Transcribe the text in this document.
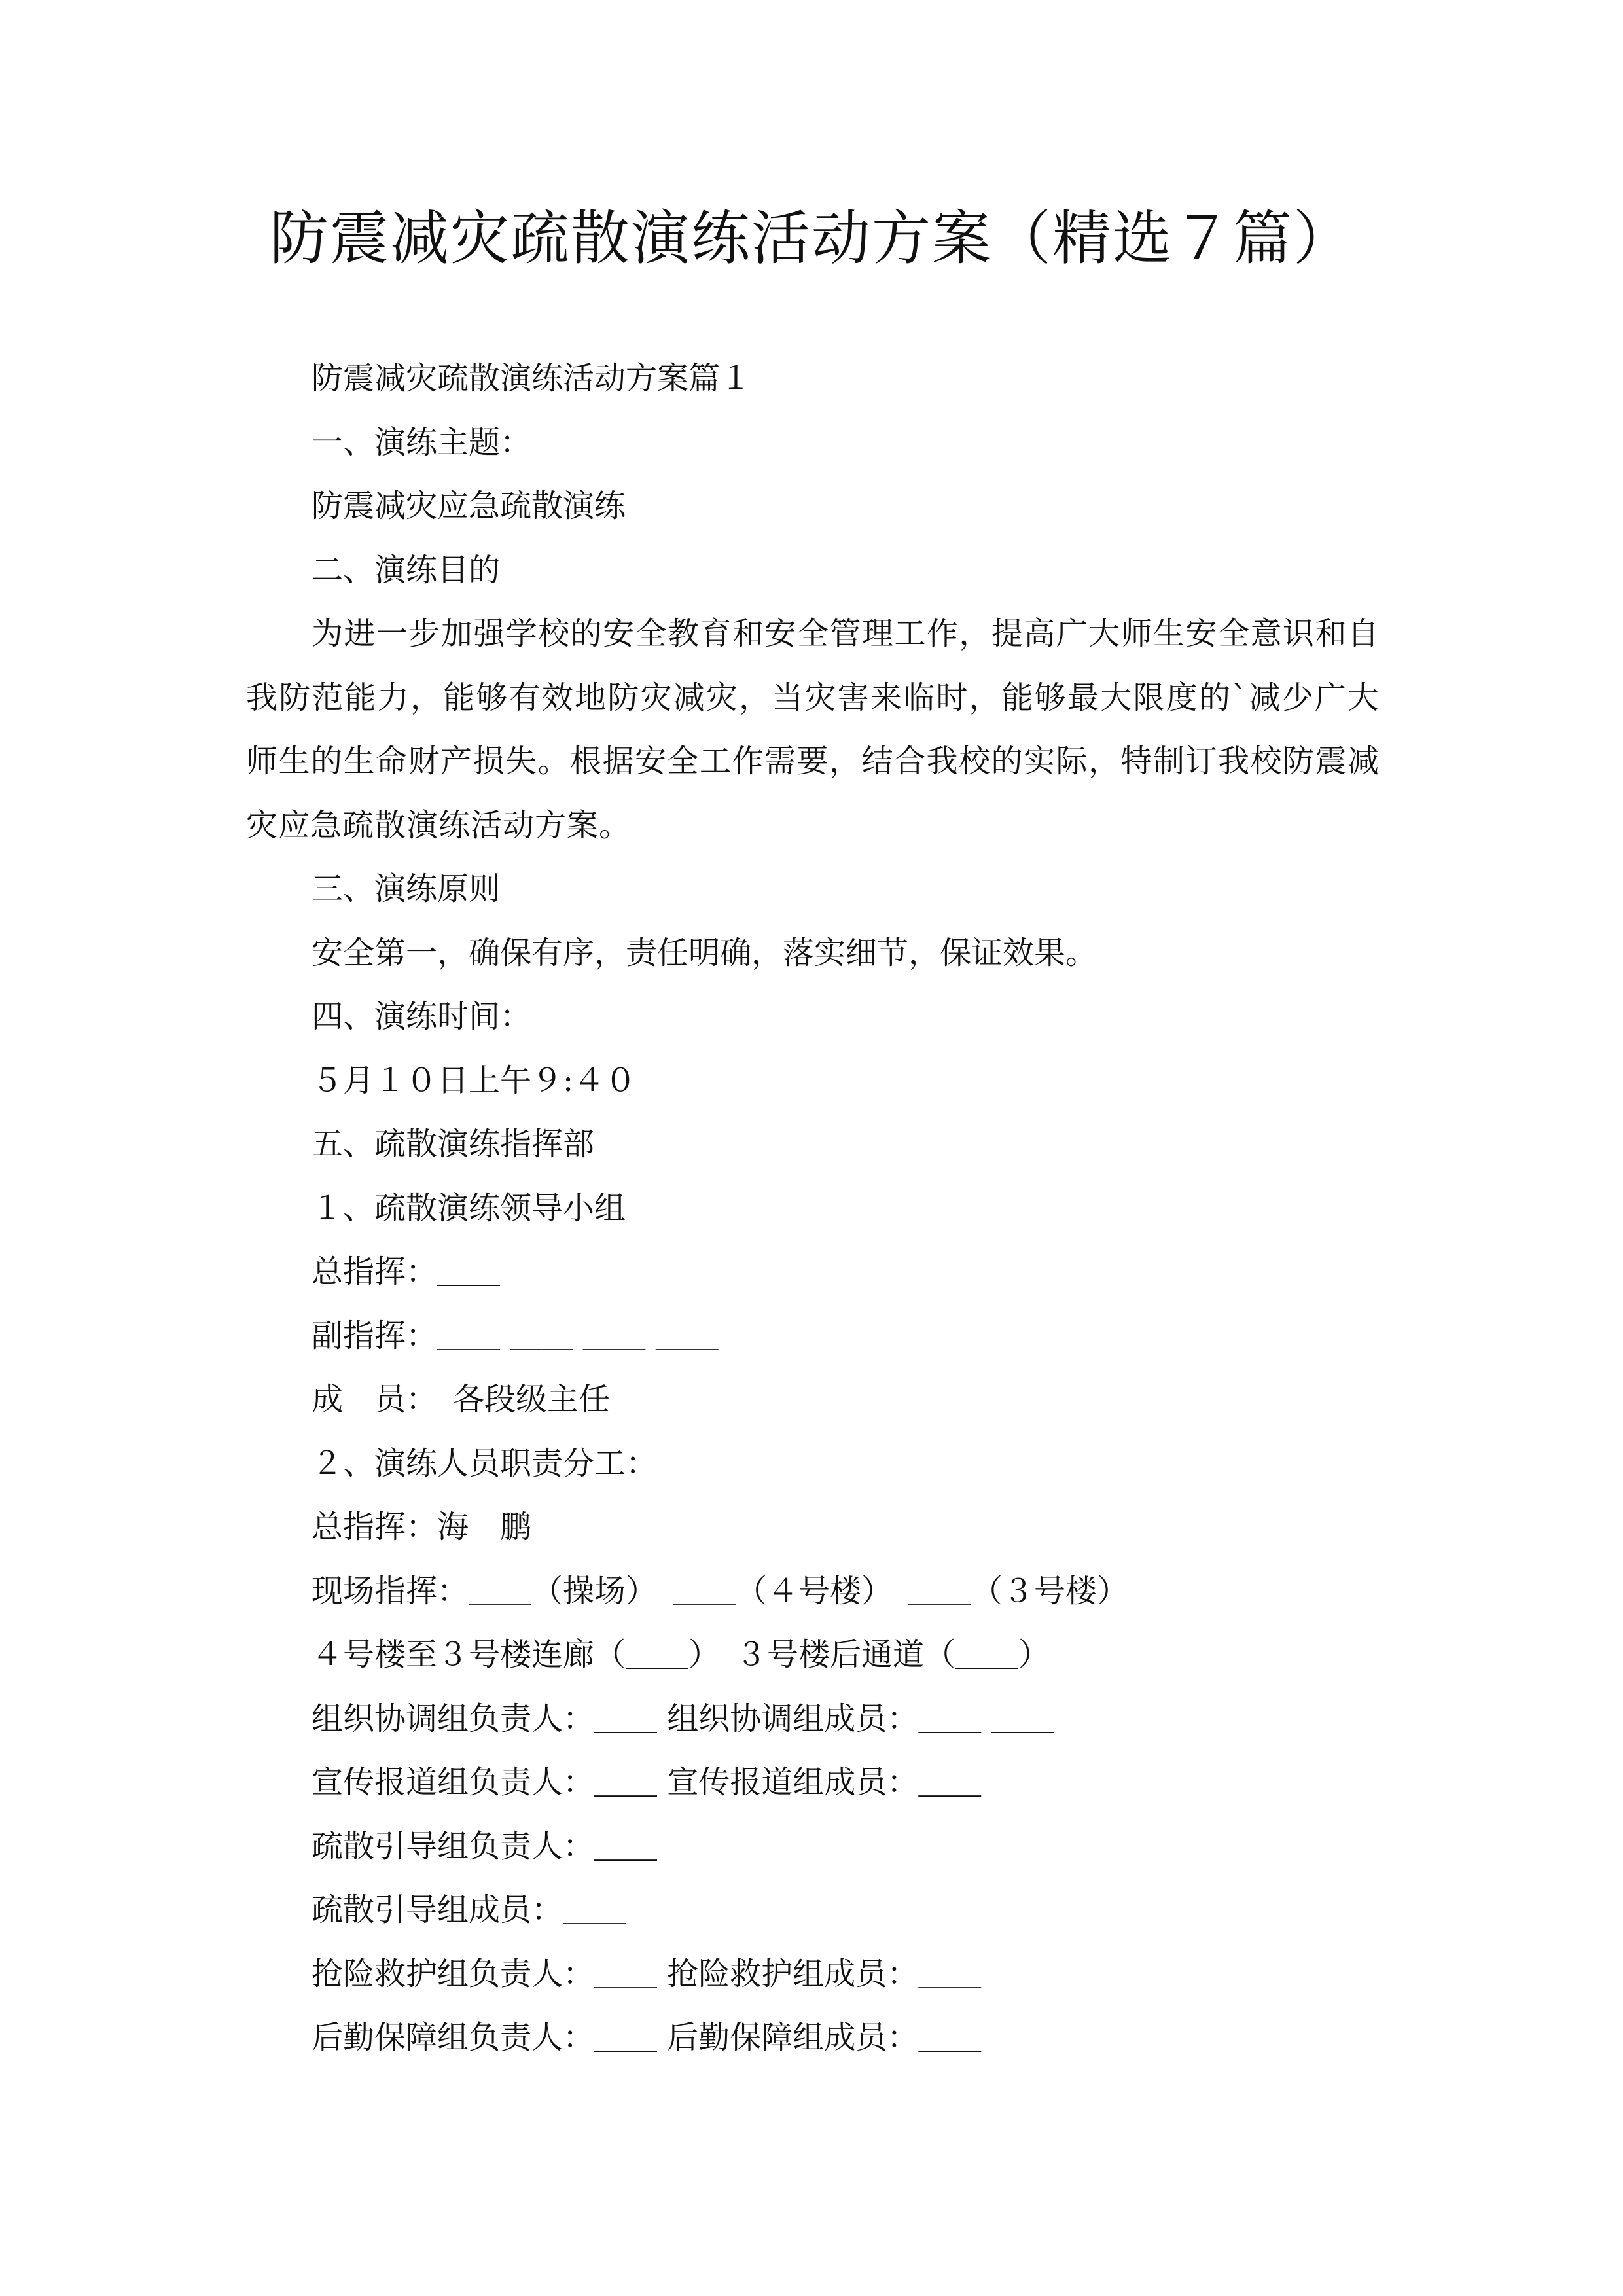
防震减灾疏散演练活动方案（精选７篇）
防震减灾疏散演练活动方案篇１
一、演练主题：
防震减灾应急疏散演练
二、演练目的
为进一步加强学校的安全教育和安全管理工作，提高广大师生安全意识和自我防范能力，能够有效地防灾减灾，当灾害来临时，能够最大限度的`减少广大师生的生命财产损失。根据安全工作需要，结合我校的实际，特制订我校防震减灾应急疏散演练活动方案。
三、演练原则
安全第一，确保有序，责任明确，落实细节，保证效果。
四、演练时间：
５月１０日上午９:４０
五、疏散演练指挥部
１、疏散演练领导小组
总指挥：＿＿
副指挥：＿＿ ＿＿ ＿＿ ＿＿
成　员：　各段级主任
２、演练人员职责分工：
总指挥：海　鹏
现场指挥：＿＿（操场）　＿＿（４号楼）　＿＿（３号楼）
４号楼至３号楼连廊（＿＿）　３号楼后通道（＿＿）
组织协调组负责人：＿＿ 组织协调组成员：＿＿ ＿＿
宣传报道组负责人：＿＿ 宣传报道组成员：＿＿
疏散引导组负责人：＿＿
疏散引导组成员：＿＿
抢险救护组负责人：＿＿ 抢险救护组成员：＿＿
后勤保障组负责人：＿＿ 后勤保障组成员：＿＿
